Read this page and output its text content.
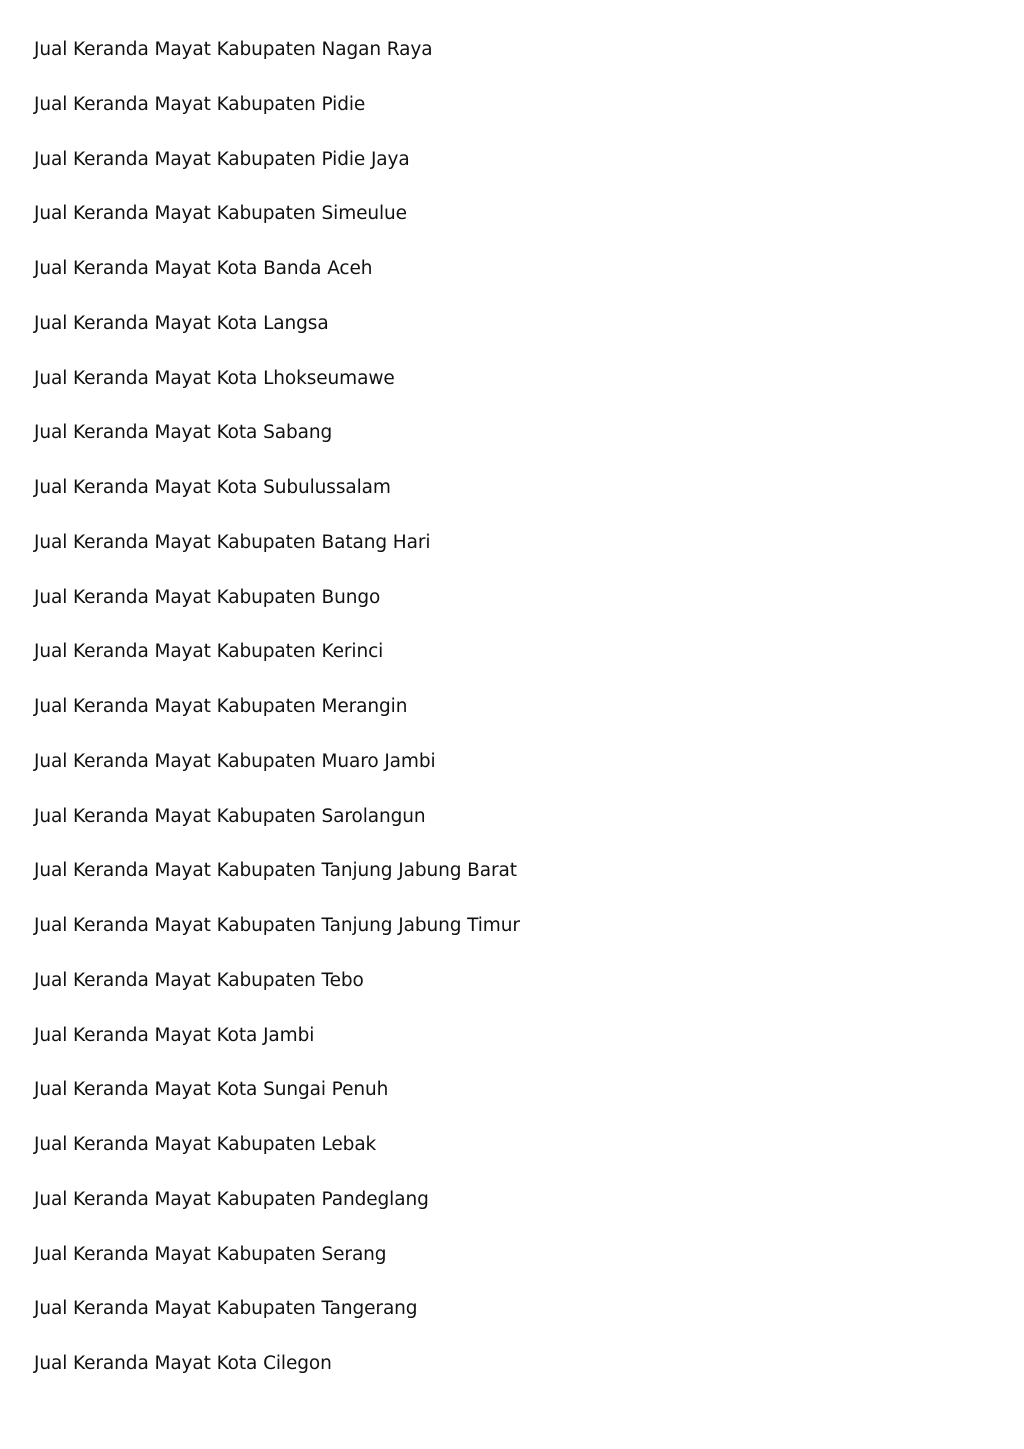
Jual Keranda Mayat Kabupaten Nagan Raya
Jual Keranda Mayat Kabupaten Pidie
Jual Keranda Mayat Kabupaten Pidie Jaya
Jual Keranda Mayat Kabupaten Simeulue
Jual Keranda Mayat Kota Banda Aceh
Jual Keranda Mayat Kota Langsa
Jual Keranda Mayat Kota Lhokseumawe
Jual Keranda Mayat Kota Sabang
Jual Keranda Mayat Kota Subulussalam
Jual Keranda Mayat Kabupaten Batang Hari
Jual Keranda Mayat Kabupaten Bungo
Jual Keranda Mayat Kabupaten Kerinci
Jual Keranda Mayat Kabupaten Merangin
Jual Keranda Mayat Kabupaten Muaro Jambi
Jual Keranda Mayat Kabupaten Sarolangun
Jual Keranda Mayat Kabupaten Tanjung Jabung Barat
Jual Keranda Mayat Kabupaten Tanjung Jabung Timur
Jual Keranda Mayat Kabupaten Tebo
Jual Keranda Mayat Kota Jambi
Jual Keranda Mayat Kota Sungai Penuh
Jual Keranda Mayat Kabupaten Lebak
Jual Keranda Mayat Kabupaten Pandeglang
Jual Keranda Mayat Kabupaten Serang
Jual Keranda Mayat Kabupaten Tangerang
Jual Keranda Mayat Kota Cilegon
